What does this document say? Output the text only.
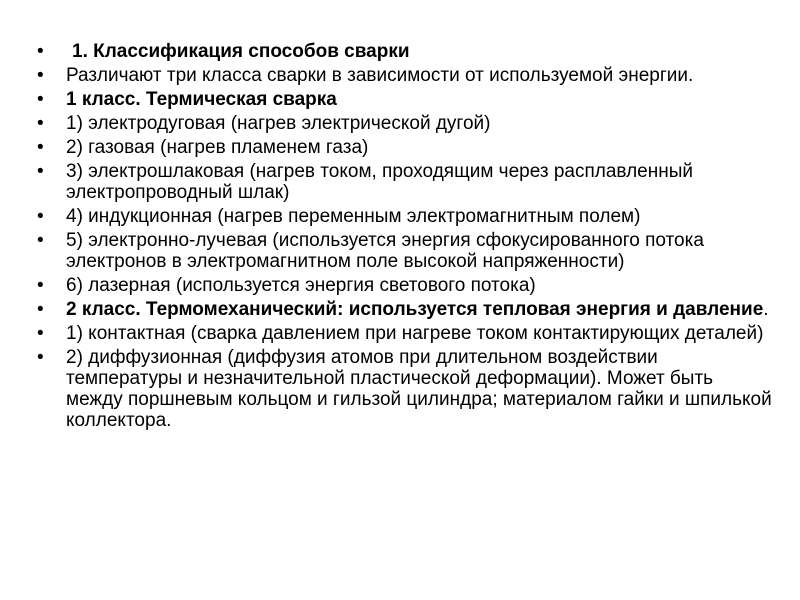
• 1. Классификация способов сварки
• Различают три класса сварки в зависимости от используемой энергии.
• 1 класс. Термическая сварка
• 1) электродуговая (нагрев электрической дугой)
• 2) газовая (нагрев пламенем газа)
• 3) электрошлаковая (нагрев током, проходящим через расплавленный электропроводный шлак)
• 4) индукционная (нагрев переменным электромагнитным полем)
• 5) электронно-лучевая (используется энергия сфокусированного потока электронов в электромагнитном поле высокой напряженности)
• 6) лазерная (используется энергия светового потока)
• 2 класс. Термомеханический: используется тепловая энергия и давление.
• 1) контактная (сварка давлением при нагреве током контактирующих деталей)
• 2) диффузионная (диффузия атомов при длительном воздействии температуры и незначительной пластической деформации). Может быть между поршневым кольцом и гильзой цилиндра; материалом гайки и шпилькой коллектора.
